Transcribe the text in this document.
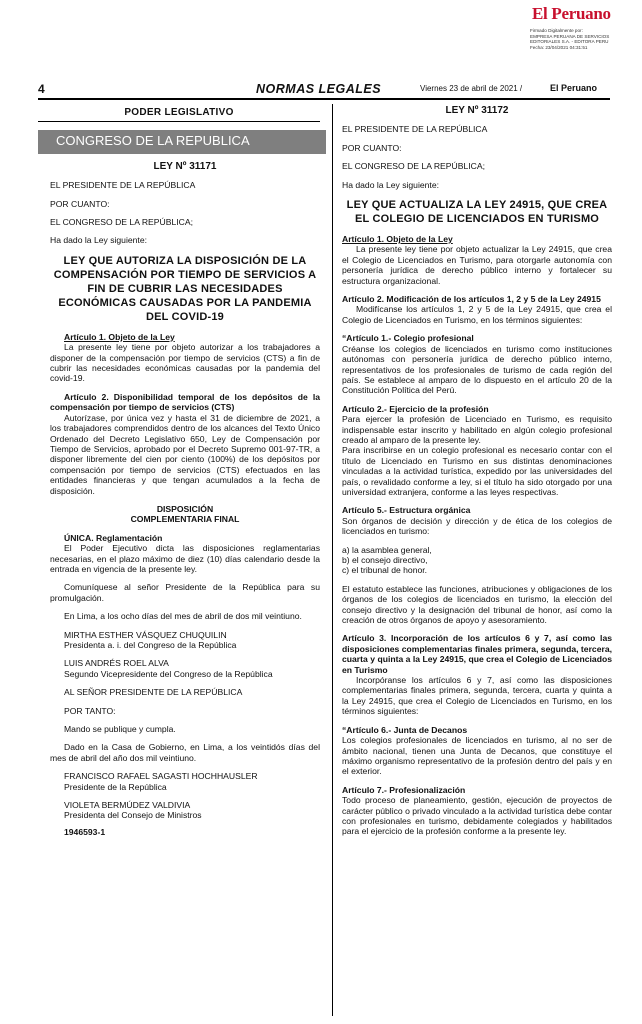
El Peruano
Firmado Digitalmente por:
EMPRESA PERUANA DE SERVICIOS
EDITORIALES S.A. - EDITORA PERU
Fecha: 23/04/2021 04:31:51
4	NORMAS LEGALES	Viernes 23 de abril de 2021 /	El Peruano
PODER LEGISLATIVO
CONGRESO DE LA REPUBLICA
LEY Nº 31171

EL PRESIDENTE DE LA REPÚBLICA

POR CUANTO:

EL CONGRESO DE LA REPÚBLICA;

Ha dado la Ley siguiente:

LEY QUE AUTORIZA LA DISPOSICIÓN DE LA COMPENSACIÓN POR TIEMPO DE SERVICIOS A FIN DE CUBRIR LAS NECESIDADES ECONÓMICAS CAUSADAS POR LA PANDEMIA DEL COVID-19

Artículo 1. Objeto de la Ley

La presente ley tiene por objeto autorizar a los trabajadores a disponer de la compensación por tiempo de servicios (CTS) a fin de cubrir las necesidades económicas causadas por la pandemia del covid-19.

Artículo 2. Disponibilidad temporal de los depósitos de la compensación por tiempo de servicios (CTS)

Autorízase, por única vez y hasta el 31 de diciembre de 2021, a los trabajadores comprendidos dentro de los alcances del Texto Único Ordenado del Decreto Legislativo 650, Ley de Compensación por Tiempo de Servicios, aprobado por el Decreto Supremo 001-97-TR, a disponer libremente del cien por ciento (100%) de los depósitos por compensación por tiempo de servicios (CTS) efectuados en las entidades financieras y que tengan acumulados a la fecha de disposición.

DISPOSICIÓN
COMPLEMENTARIA FINAL

ÚNICA. Reglamentación

El Poder Ejecutivo dicta las disposiciones reglamentarias necesarias, en el plazo máximo de diez (10) días calendario desde la entrada en vigencia de la presente ley.

Comuníquese al señor Presidente de la República para su promulgación.

En Lima, a los ocho días del mes de abril de dos mil veintiuno.

MIRTHA ESTHER VÁSQUEZ CHUQUILIN
Presidenta a. i. del Congreso de la República
LUIS ANDRÉS ROEL ALVA
Segundo Vicepresidente del Congreso de la República

AL SEÑOR PRESIDENTE DE LA REPÚBLICA

POR TANTO:

Mando se publique y cumpla.

Dado en la Casa de Gobierno, en Lima, a los veintidós días del mes de abril del año dos mil veintiuno.

FRANCISCO RAFAEL SAGASTI HOCHHAUSLER
Presidente de la República
VIOLETA BERMÚDEZ VALDIVIA
Presidenta del Consejo de Ministros
1946593-1
LEY Nº 31172

EL PRESIDENTE DE LA REPÚBLICA

POR CUANTO:

EL CONGRESO DE LA REPÚBLICA;

Ha dado la Ley siguiente:

LEY QUE ACTUALIZA LA LEY 24915, QUE CREA EL COLEGIO DE LICENCIADOS EN TURISMO

Artículo 1. Objeto de la Ley

La presente ley tiene por objeto actualizar la Ley 24915, que crea el Colegio de Licenciados en Turismo, para otorgarle autonomía con personería jurídica de derecho público interno y fortalecer su estructura organizacional.

Artículo 2. Modificación de los artículos 1, 2 y 5 de la Ley 24915

Modifícanse los artículos 1, 2 y 5 de la Ley 24915, que crea el Colegio de Licenciados en Turismo, en los términos siguientes:

“Artículo 1.- Colegio profesional

Créanse los colegios de licenciados en turismo como instituciones autónomas con personería jurídica de derecho público interno, representativos de los profesionales de turismo de cada región del país. Se establece al amparo de lo dispuesto en el artículo 20 de la Constitución Política del Perú.

Artículo 2.- Ejercicio de la profesión

Para ejercer la profesión de Licenciado en Turismo, es requisito indispensable estar inscrito y habilitado en algún colegio profesional creado al amparo de la presente ley.

Para inscribirse en un colegio profesional es necesario contar con el título de Licenciado en Turismo en sus distintas denominaciones vinculadas a la actividad turística, expedido por las universidades del país, o revalidado conforme a ley, si el título ha sido otorgado por una universidad extranjera, conforme a las leyes respectivas.

Artículo 5.- Estructura orgánica

Son órganos de decisión y dirección y de ética de los colegios de licenciados en turismo:

a) la asamblea general,
b) el consejo directivo,
c) el tribunal de honor.

El estatuto establece las funciones, atribuciones y obligaciones de los órganos de los colegios de licenciados en turismo, la elección del consejo directivo y la designación del tribunal de honor, así como la creación de otros órganos de apoyo y asesoramiento.

Artículo 3. Incorporación de los artículos 6 y 7, así como las disposiciones complementarias finales primera, segunda, tercera, cuarta y quinta a la Ley 24915, que crea el Colegio de Licenciados en Turismo

Incorpóranse los artículos 6 y 7, así como las disposiciones complementarias finales primera, segunda, tercera, cuarta y quinta a la Ley 24915, que crea el Colegio de Licenciados en Turismo, en los términos siguientes:

“Artículo 6.- Junta de Decanos

Los colegios profesionales de licenciados en turismo, al no ser de ámbito nacional, tienen una Junta de Decanos, que constituye el máximo organismo representativo de la profesión dentro del país y en el exterior.

Artículo 7.- Profesionalización

Todo proceso de planeamiento, gestión, ejecución de proyectos de carácter público o privado vinculado a la actividad turística debe contar con profesionales en turismo, debidamente colegiados y habilitados para el ejercicio de la profesión conforme a la presente ley.
